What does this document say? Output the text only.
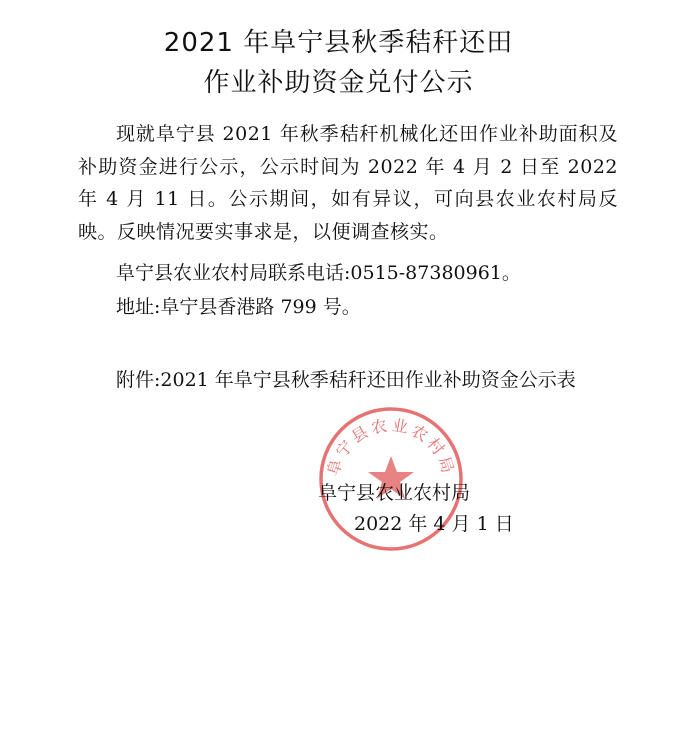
2021 年阜宁县秋季秸秆还田
作业补助资金兑付公示
现就阜宁县 2021 年秋季秸秆机械化还田作业补助面积及补助资金进行公示，公示时间为 2022 年 4 月 2 日至 2022 年 4 月 11 日。公示期间，如有异议，可向县农业农村局反映。反映情况要实事求是，以便调查核实。
阜宁县农业农村局联系电话:0515-87380961。
地址:阜宁县香港路 799 号。
附件:2021 年阜宁县秋季秸秆还田作业补助资金公示表
阜宁县农业农村局
阜宁县农业农村局
2022 年 4 月 1 日
